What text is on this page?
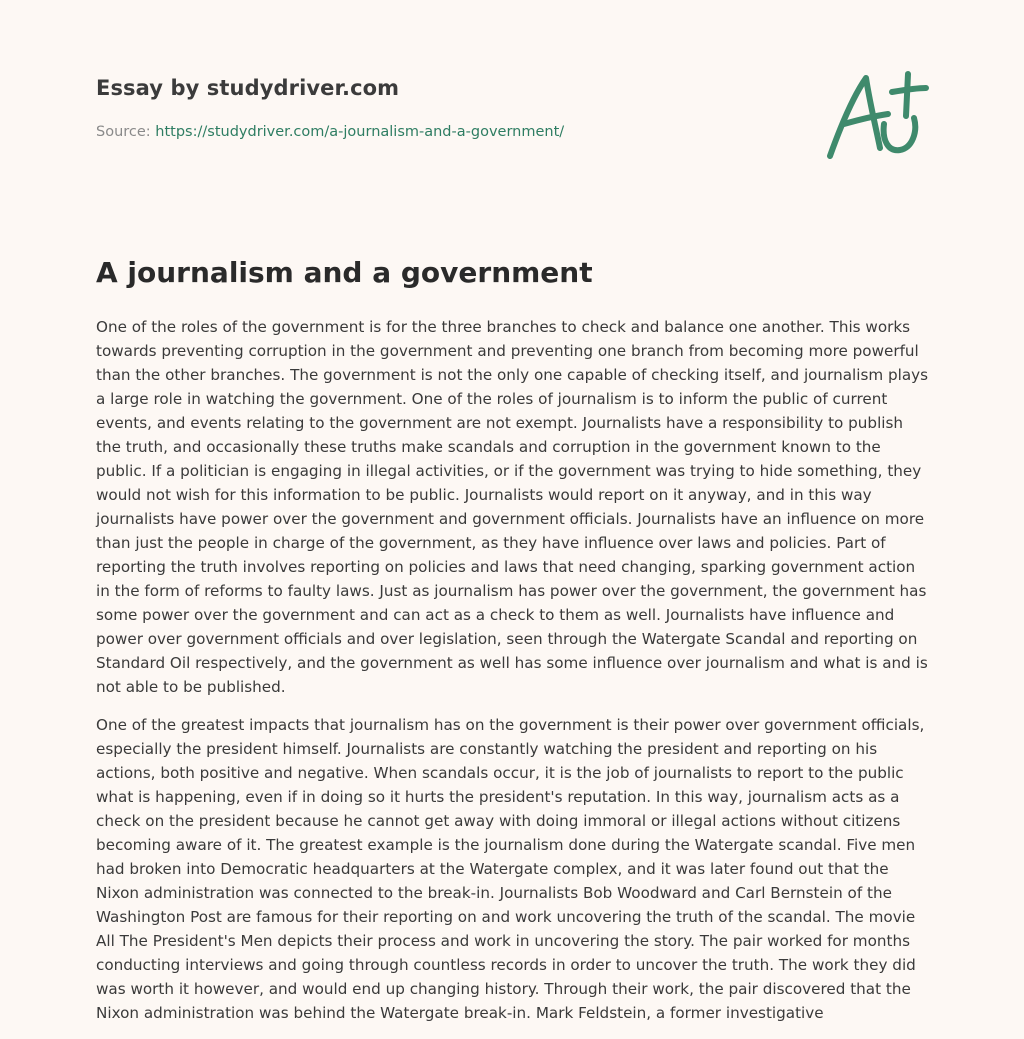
Essay by studydriver.com
Source: https://studydriver.com/a-journalism-and-a-government/
A journalism and a government

One of the roles of the government is for the three branches to check and balance one another. This works towards preventing corruption in the government and preventing one branch from becoming more powerful than the other branches. The government is not the only one capable of checking itself, and journalism plays a large role in watching the government. One of the roles of journalism is to inform the public of current events, and events relating to the government are not exempt. Journalists have a responsibility to publish the truth, and occasionally these truths make scandals and corruption in the government known to the public. If a politician is engaging in illegal activities, or if the government was trying to hide something, they would not wish for this information to be public. Journalists would report on it anyway, and in this way journalists have power over the government and government officials. Journalists have an influence on more than just the people in charge of the government, as they have influence over laws and policies. Part of reporting the truth involves reporting on policies and laws that need changing, sparking government action in the form of reforms to faulty laws. Just as journalism has power over the government, the government has some power over the government and can act as a check to them as well. Journalists have influence and power over government officials and over legislation, seen through the Watergate Scandal and reporting on Standard Oil respectively, and the government as well has some influence over journalism and what is and is not able to be published.

One of the greatest impacts that journalism has on the government is their power over government officials, especially the president himself. Journalists are constantly watching the president and reporting on his actions, both positive and negative. When scandals occur, it is the job of journalists to report to the public what is happening, even if in doing so it hurts the president's reputation. In this way, journalism acts as a check on the president because he cannot get away with doing immoral or illegal actions without citizens becoming aware of it. The greatest example is the journalism done during the Watergate scandal. Five men had broken into Democratic headquarters at the Watergate complex, and it was later found out that the Nixon administration was connected to the break-in. Journalists Bob Woodward and Carl Bernstein of the Washington Post are famous for their reporting on and work uncovering the truth of the scandal. The movie All The President's Men depicts their process and work in uncovering the story. The pair worked for months conducting interviews and going through countless records in order to uncover the truth. The work they did was worth it however, and would end up changing history. Through their work, the pair discovered that the Nixon administration was behind the Watergate break-in. Mark Feldstein, a former investigative
